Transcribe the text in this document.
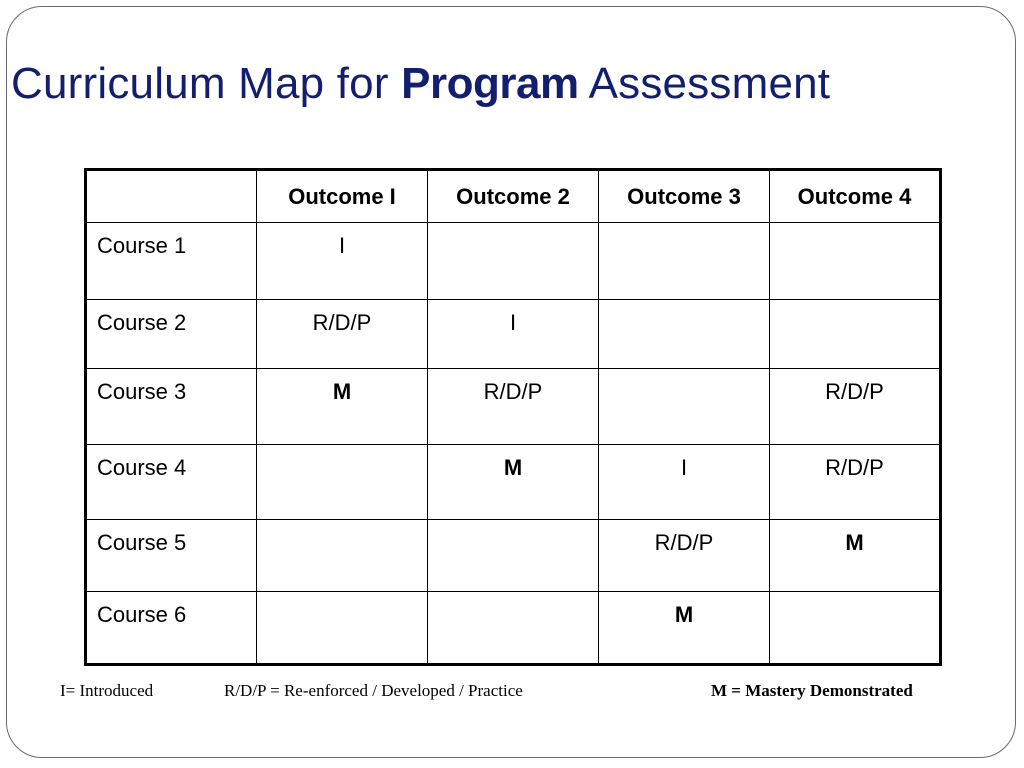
Curriculum Map for Program Assessment
	Outcome I	Outcome 2	Outcome 3	Outcome 4
Course 1	I			
Course 2	R/D/P	I		
Course 3	M	R/D/P		R/D/P
Course 4		M	I	R/D/P
Course 5			R/D/P	M
Course 6			M	
I= Introduced	R/D/P = Re-enforced / Developed / Practice	M = Mastery Demonstrated
